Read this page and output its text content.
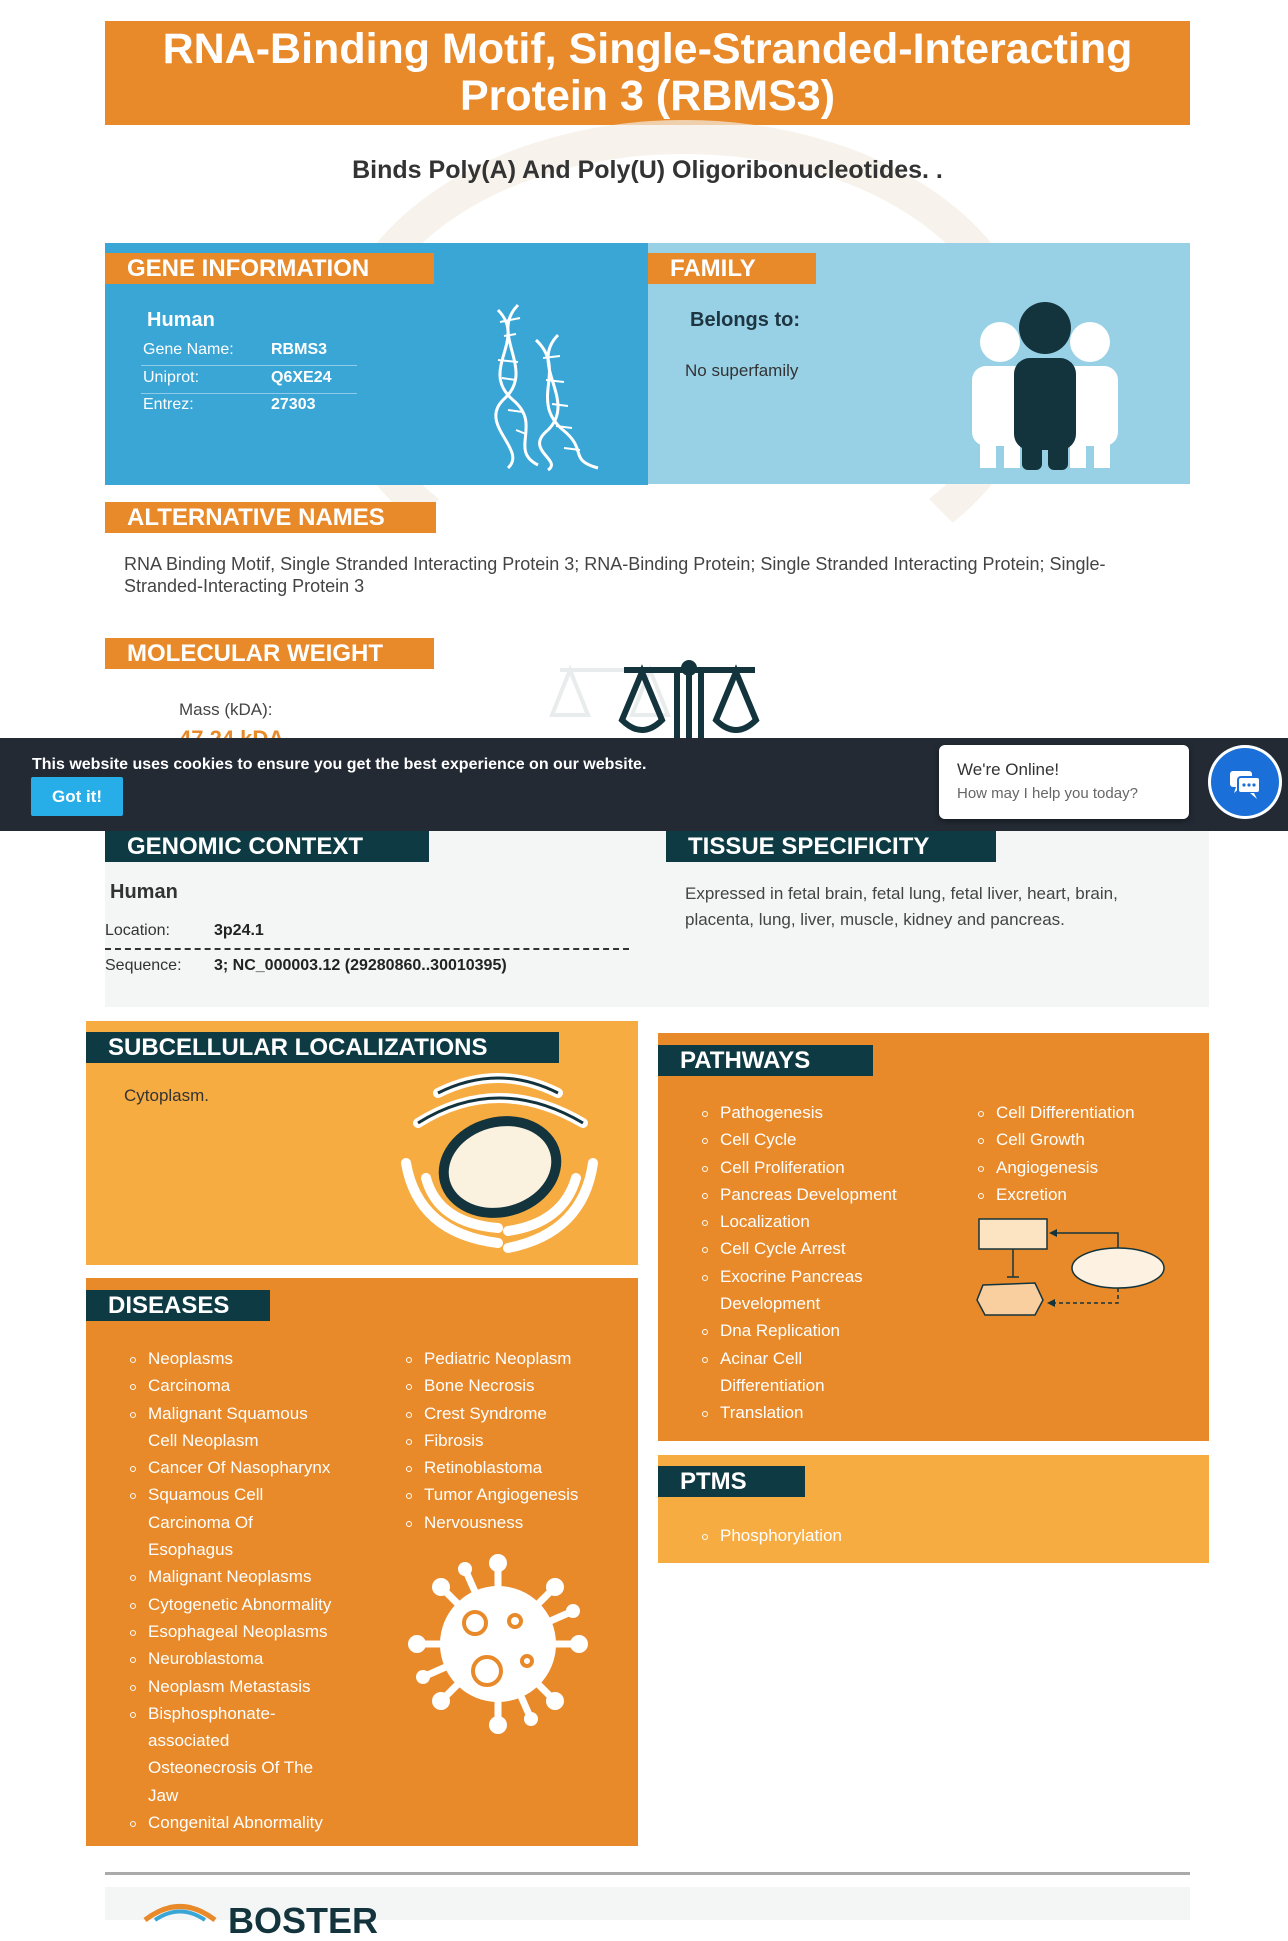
RNA-Binding Motif, Single-Stranded-Interacting Protein 3 (RBMS3)
Binds Poly(A) And Poly(U) Oligoribonucleotides. .
GENE INFORMATION
Human
Gene Name: RBMS3
Uniprot:	Q6XE24
Entrez:	27303
FAMILY
Belongs to:
No superfamily
ALTERNATIVE NAMES
RNA Binding Motif, Single Stranded Interacting Protein 3; RNA-Binding Protein; Single Stranded Interacting Protein; Single-Stranded-Interacting Protein 3
MOLECULAR WEIGHT
Mass (kDA):
This website uses cookies to ensure you get the best experience on our website.
Got it!
We're Online!
How may I help you today?
GENOMIC CONTEXT
Human
Location:	3p24.1
Sequence: 3; NC_000003.12 (29280860..30010395)
TISSUE SPECIFICITY
Expressed in fetal brain, fetal lung, fetal liver, heart, brain, placenta, lung, liver, muscle, kidney and pancreas.
SUBCELLULAR LOCALIZATIONS
Cytoplasm.
PATHWAYS
Pathogenesis
Cell Cycle
Cell Proliferation
Pancreas Development
Localization
Cell Cycle Arrest
Exocrine Pancreas Development
Dna Replication
Acinar Cell Differentiation
Translation
Cell Differentiation
Cell Growth
Angiogenesis
Excretion
PTMS
Phosphorylation
DISEASES
Neoplasms
Carcinoma
Malignant Squamous Cell Neoplasm
Cancer Of Nasopharynx
Squamous Cell Carcinoma Of Esophagus
Malignant Neoplasms
Cytogenetic Abnormality
Esophageal Neoplasms
Neuroblastoma
Neoplasm Metastasis
Bisphosphonate-associated Osteonecrosis Of The Jaw
Congenital Abnormality
Pediatric Neoplasm
Bone Necrosis
Crest Syndrome
Fibrosis
Retinoblastoma
Tumor Angiogenesis
Nervousness
BOSTER
